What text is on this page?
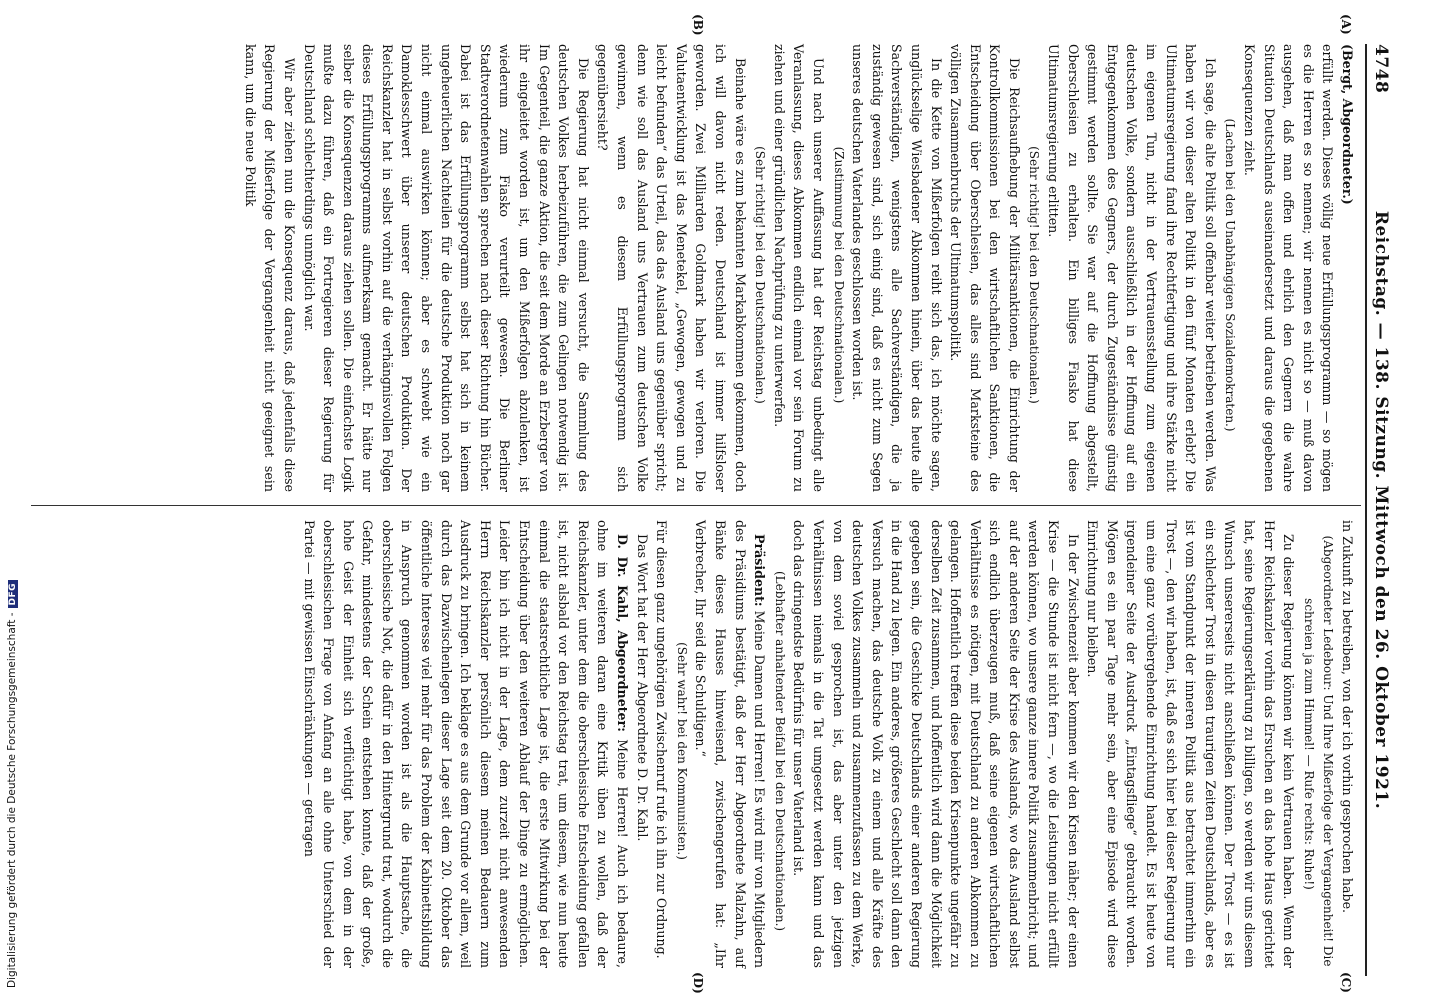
4748
Reichstag. — 138. Sitzung. Mittwoch den 26. Oktober 1921.
(A)
(B)
(C)
(D)

(Bergt, Abgeordneter.)

erfüllt werden. Dieses völlig neue Erfüllungsprogramm — so mögen es die Herren es so nennen; wir nennen es nicht so — muß davon ausgehen, daß man offen und ehrlich den Gegnern die wahre Situation Deutschlands auseinandersetzt und daraus die gegebenen Konsequenzen zieht.

(Lachen bei den Unabhängigen Sozialdemokraten.)

Ich sage, die alte Politik soll offenbar weiter betrieben werden. Was haben wir von dieser alten Politik in den fünf Monaten erlebt? Die Ultimatumsregierung fand ihre Rechtfertigung und ihre Stärke nicht im eigenen Tun, nicht in der Vertrauensstellung zum eigenen deutschen Volke, sondern ausschließlich in der Hoffnung auf ein Entgegenkommen des Gegners, der durch Zugeständnisse günstig gestimmt werden sollte. Sie war auf die Hoffnung abgestellt, Oberschlesien zu erhalten. Ein billiges Fiasko hat diese Ultimatumsregierung erlitten.

(Sehr richtig! bei den Deutschnationalen.)

Die Reichsaufhebung der Militärsanktionen, die Einrichtung der Kontrollkommissionen bei den wirtschaftlichen Sanktionen, die Entscheidung über Oberschlesien, das alles sind Marksteine des völligen Zusammenbruchs der Ultimatumspolitik.

In die Kette von Mißerfolgen reiht sich das, ich möchte sagen, unglückselige Wiesbadener Abkommen hinein, über das heute alle Sachverständigen, wenigstens alle Sachverständigen, die ja zuständig gewesen sind, sich einig sind, daß es nicht zum Segen unseres deutschen Vaterlandes geschlossen worden ist.

(Zustimmung bei den Deutschnationalen.)

Und nach unserer Auffassung hat der Reichstag unbedingt alle Veranlassung, dieses Abkommen endlich einmal vor sein Forum zu ziehen und einer gründlichen Nachprüfung zu unterwerfen.

(Sehr richtig! bei den Deutschnationalen.)

Beinahe wäre es zum bekannten Markabkommen gekommen, doch ich will davon nicht reden. Deutschland ist immer hilfsloser geworden. Zwei Milliarden Goldmark haben wir verloren. Die Valutaentwicklung ist das Menetekel, „Gewogen, gewogen und zu leicht befunden“ das Urteil, das das Ausland uns gegenüber spricht; denn wie soll das Ausland uns Vertrauen zum deutschen Volke gewinnen, wenn es diesem Erfüllungsprogramm sich gegenübersieht?

Die Regierung hat nicht einmal versucht, die Sammlung des deutschen Volkes herbeizuführen, die zum Gelingen notwendig ist. Im Gegenteil, die ganze Aktion, die seit dem Morde an Erzberger von ihr eingeleitet worden ist, um den Mißerfolgen abzulenken, ist wiederum zum Fiasko verurteilt gewesen. Die Berliner Stadtverordnetenwahlen sprechen nach dieser Richtung hin Bücher. Dabei ist das Erfüllungsprogramm selbst hat sich in keinem ungeheuerlichen Nachteilen für die deutsche Produktion noch gar nicht einmal auswirken können; aber es schwebt wie ein Damoklesschwert über unserer deutschen Produktion. Der Reichskanzler hat in selbst vorhin auf die verhängnisvollen Folgen dieses Erfüllungsprogramms aufmerksam gemacht. Er hätte nur selber die Konsequenzen daraus ziehen sollen. Die einfachste Logik mußte dazu führen, daß ein Fortregieren dieser Regierung für Deutschland schlechterdings unmöglich war.

Wir aber ziehen nun die Konsequenz daraus, daß jedenfalls diese Regierung der Mißerfolge der Vergangenheit nicht geeignet sein kann, um die neue Politik

in Zukunft zu betreiben, von der ich vorhin gesprochen habe.

(Abgeordneter Ledebour: Und Ihre Mißerfolge der Vergangenheit! Die schreien ja zum Himmel! — Rufe rechts: Ruhe!)

Zu dieser Regierung können wir kein Vertrauen haben. Wenn der Herr Reichskanzler vorhin das Ersuchen an das hohe Haus gerichtet hat, seine Regierungserklärung zu billigen, so werden wir uns diesem Wunsch unsererseits nicht anschließen können. Der Trost — es ist ein schlechter Trost in diesen traurigen Zeiten Deutschlands, aber es ist vom Standpunkt der inneren Politik aus betrachtet immerhin ein Trost —, den wir haben, ist, daß es sich hier bei dieser Regierung nur um eine ganz vorübergehende Einrichtung handelt. Es ist heute von irgendeiner Seite der Ausdruck „Eintagsfliege“ gebraucht worden. Mögen es ein paar Tage mehr sein, aber eine Episode wird diese Einrichtung nur bleiben.

In der Zwischenzeit aber kommen wir den Krisen näher; der einen Krise — die Stunde ist nicht fern —, wo die Leistungen nicht erfüllt werden können, wo unsere ganze innere Politik zusammenbricht; und auf der anderen Seite der Krise des Auslands, wo das Ausland selbst sich endlich überzeugen muß, daß seine eigenen wirtschaftlichen Verhältnisse es nötigen, mit Deutschland zu anderen Abkommen zu gelangen. Hoffentlich treffen diese beiden Krisenpunkte ungefähr zu derselben Zeit zusammen, und hoffentlich wird dann die Möglichkeit gegeben sein, die Geschicke Deutschlands einer anderen Regierung in die Hand zu legen. Ein anderes, größeres Geschlecht soll dann den Versuch machen, das deutsche Volk zu einem und alle Kräfte des deutschen Volkes zusammeln und zusammenzufassen zu dem Werke, von dem soviel gesprochen ist, das aber unter den jetzigen Verhältnissen niemals in die Tat umgesetzt werden kann und das doch das dringendste Bedürfnis für unser Vaterland ist.

(Lebhafter anhaltender Beifall bei den Deutschnationalen.)

Präsident: Meine Damen und Herren! Es wird mir von Mitgliedern des Präsidiums bestätigt, daß der Herr Abgeordnete Malzahn, auf Bänke dieses Hauses hinweisend, zwischengerufen hat: „Ihr Verbrecher, Ihr seid die Schuldigen.“

(Sehr wahr! bei den Kommunisten.)

Für diesen ganz ungehörigen Zwischenruf rufe ich ihn zur Ordnung.

Das Wort hat der Herr Abgeordnete D. Dr. Kahl.

D. Dr. Kahl, Abgeordneter: Meine Herren! Auch ich bedaure, ohne im weiteren daran eine Kritik üben zu wollen, daß der Reichskanzler, unter dem die oberschlesische Entscheidung gefallen ist, nicht alsbald vor den Reichstag trat, um diesem, wie nun heute einmal die staatsrechtliche Lage ist, die erste Mitwirkung bei der Entscheidung über den weiteren Ablauf der Dinge zu ermöglichen. Leider bin ich nicht in der Lage, dem zurzeit nicht anwesenden Herrn Reichskanzler persönlich diesem meinen Bedauern zum Ausdruck zu bringen. Ich beklage es aus dem Grunde vor allem, weil durch das Dazwischenlegen dieser Lage seit dem 20. Oktober das öffentliche Interesse viel mehr für das Problem der Kabinettsbildung in Anspruch genommen worden ist als die Hauptsache, die oberschlesische Not, die dafür in den Hintergrund trat, wodurch die Gefahr, mindestens der Schein entstehen konnte, daß der große, hohe Geist der Einheit sich verflüchtigt habe, von dem in der oberschlesischen Frage von Anfang an alle ohne Unterschied der Partei — mit gewissen Einschränkungen — getragen

Digitalisierung gefördert durch die Deutsche Forschungsgemeinschaft -DFG
